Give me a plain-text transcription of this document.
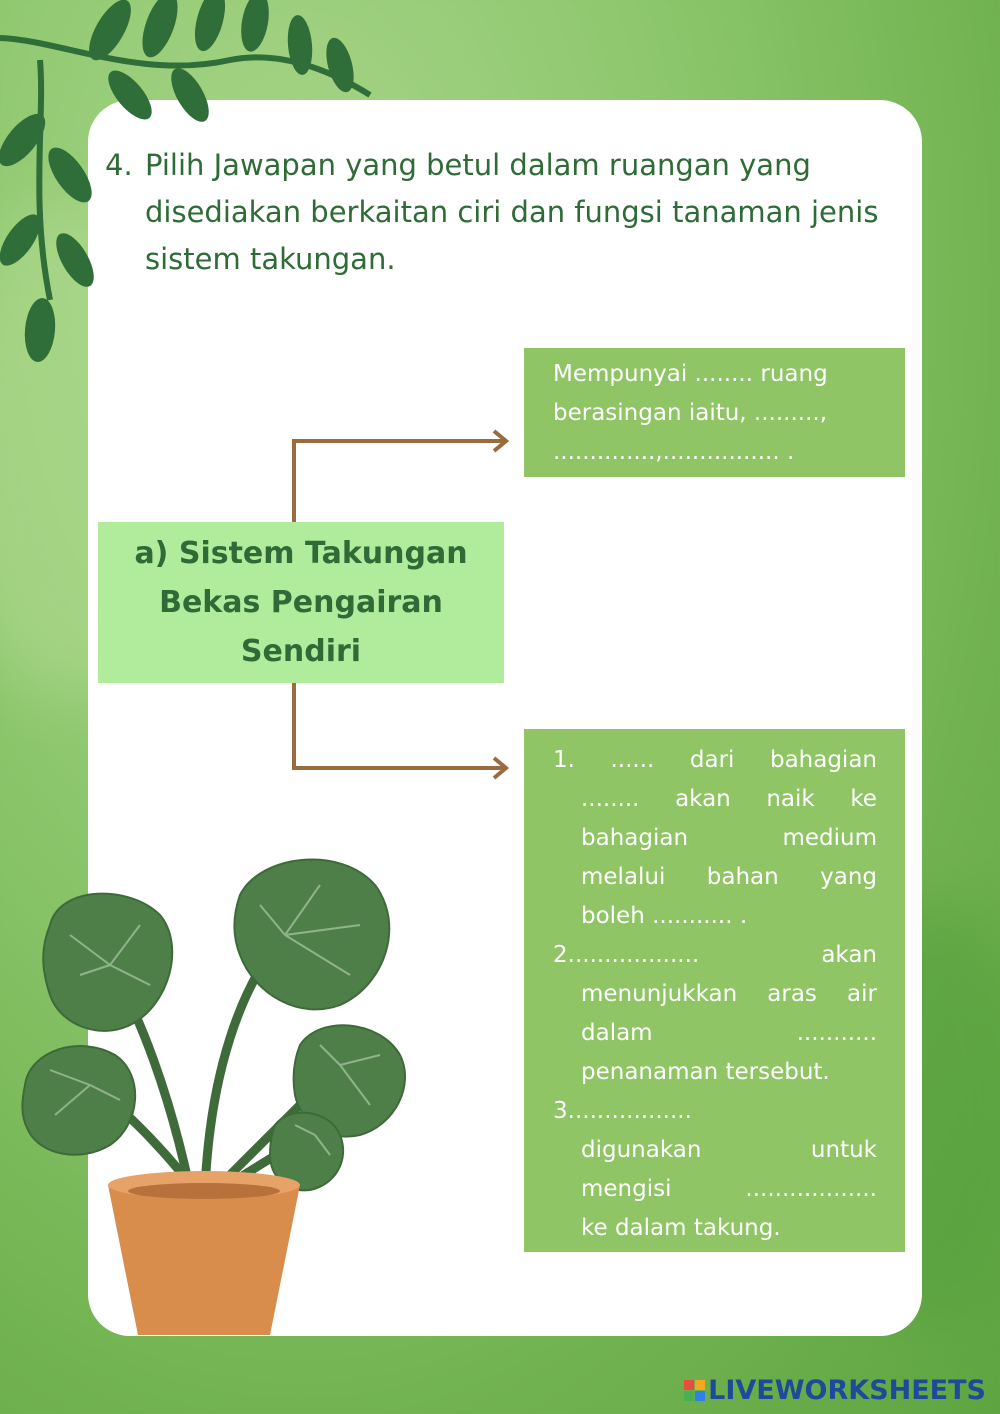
4. Pilih Jawapan yang betul dalam ruangan yang
disediakan berkaitan ciri dan fungsi tanaman jenis
sistem takungan.
a) Sistem Takungan
Bekas Pengairan
Sendiri
Mempunyai ........ ruang
berasingan iaitu, .........,
..............,................ .
1. ...... dari bahagian
........ akan naik ke
bahagian	medium
melalui bahan yang
boleh ........... .
2..................	akan
menunjukkan aras air
dalam	...........
penanaman tersebut.
3.................
digunakan	untuk
mengisi	..................
ke dalam takung.
LIVEWORKSHEETS
